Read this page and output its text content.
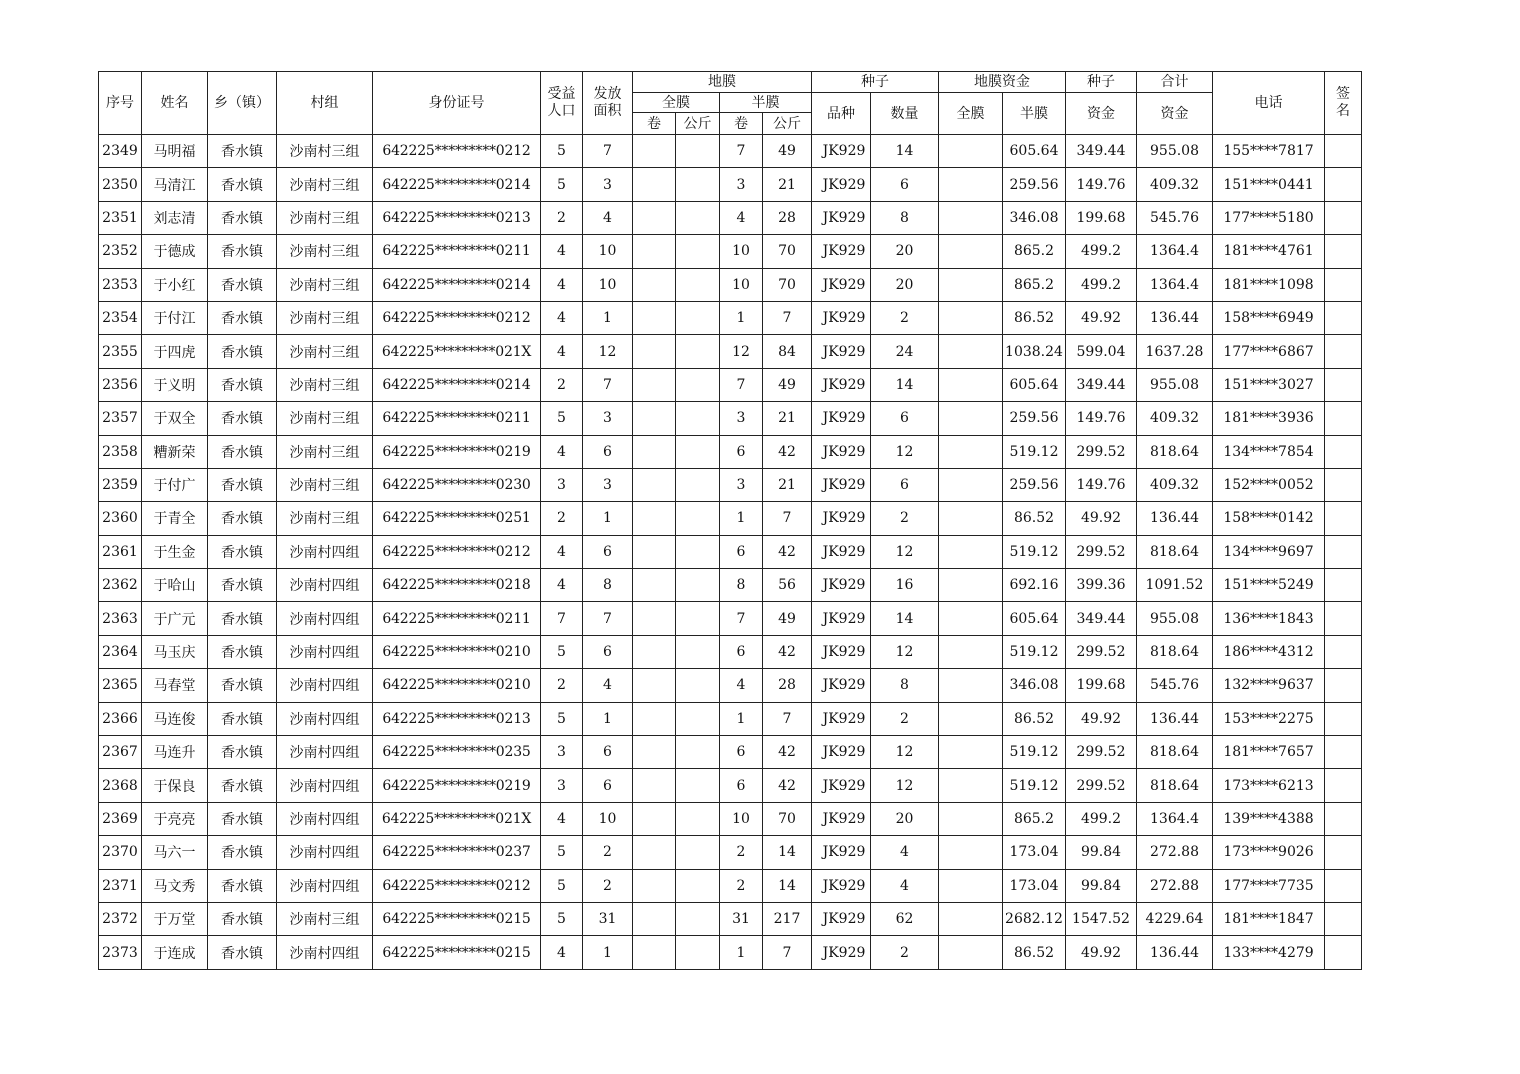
序号	姓名	乡（镇）	村组	身份证号	受益人口	发放面积	地膜				种子		地膜资金		种子	合计	电话	签名

							全膜		半膜		品种	数量	全膜	半膜	资金	资金		
							卷	公斤	卷	公斤								
2349	马明福	香水镇	沙南村三组	642225*********0212	5	7			7	49	JK929	14		605.64	349.44	955.08	155****7817	
2350	马清江	香水镇	沙南村三组	642225*********0214	5	3			3	21	JK929	6		259.56	149.76	409.32	151****0441	
2351	刘志清	香水镇	沙南村三组	642225*********0213	2	4			4	28	JK929	8		346.08	199.68	545.76	177****5180	
2352	于德成	香水镇	沙南村三组	642225*********0211	4	10			10	70	JK929	20		865.2	499.2	1364.4	181****4761	
2353	于小红	香水镇	沙南村三组	642225*********0214	4	10			10	70	JK929	20		865.2	499.2	1364.4	181****1098	
2354	于付江	香水镇	沙南村三组	642225*********0212	4	1			1	7	JK929	2		86.52	49.92	136.44	158****6949	
2355	于四虎	香水镇	沙南村三组	642225*********021X	4	12			12	84	JK929	24		1038.24	599.04	1637.28	177****6867	
2356	于义明	香水镇	沙南村三组	642225*********0214	2	7			7	49	JK929	14		605.64	349.44	955.08	151****3027	
2357	于双全	香水镇	沙南村三组	642225*********0211	5	3			3	21	JK929	6		259.56	149.76	409.32	181****3936	
2358	糟新荣	香水镇	沙南村三组	642225*********0219	4	6			6	42	JK929	12		519.12	299.52	818.64	134****7854	
2359	于付广	香水镇	沙南村三组	642225*********0230	3	3			3	21	JK929	6		259.56	149.76	409.32	152****0052	
2360	于青全	香水镇	沙南村三组	642225*********0251	2	1			1	7	JK929	2		86.52	49.92	136.44	158****0142	
2361	于生金	香水镇	沙南村四组	642225*********0212	4	6			6	42	JK929	12		519.12	299.52	818.64	134****9697	
2362	于哈山	香水镇	沙南村四组	642225*********0218	4	8			8	56	JK929	16		692.16	399.36	1091.52	151****5249	
2363	于广元	香水镇	沙南村四组	642225*********0211	7	7			7	49	JK929	14		605.64	349.44	955.08	136****1843	
2364	马玉庆	香水镇	沙南村四组	642225*********0210	5	6			6	42	JK929	12		519.12	299.52	818.64	186****4312	
2365	马春堂	香水镇	沙南村四组	642225*********0210	2	4			4	28	JK929	8		346.08	199.68	545.76	132****9637	
2366	马连俊	香水镇	沙南村四组	642225*********0213	5	1			1	7	JK929	2		86.52	49.92	136.44	153****2275	
2367	马连升	香水镇	沙南村四组	642225*********0235	3	6			6	42	JK929	12		519.12	299.52	818.64	181****7657	
2368	于保良	香水镇	沙南村四组	642225*********0219	3	6			6	42	JK929	12		519.12	299.52	818.64	173****6213	
2369	于亮亮	香水镇	沙南村四组	642225*********021X	4	10			10	70	JK929	20		865.2	499.2	1364.4	139****4388	
2370	马六一	香水镇	沙南村四组	642225*********0237	5	2			2	14	JK929	4		173.04	99.84	272.88	173****9026	
2371	马文秀	香水镇	沙南村四组	642225*********0212	5	2			2	14	JK929	4		173.04	99.84	272.88	177****7735	
2372	于万堂	香水镇	沙南村三组	642225*********0215	5	31			31	217	JK929	62		2682.12	1547.52	4229.64	181****1847	
2373	于连成	香水镇	沙南村四组	642225*********0215	4	1			1	7	JK929	2		86.52	49.92	136.44	133****4279	
